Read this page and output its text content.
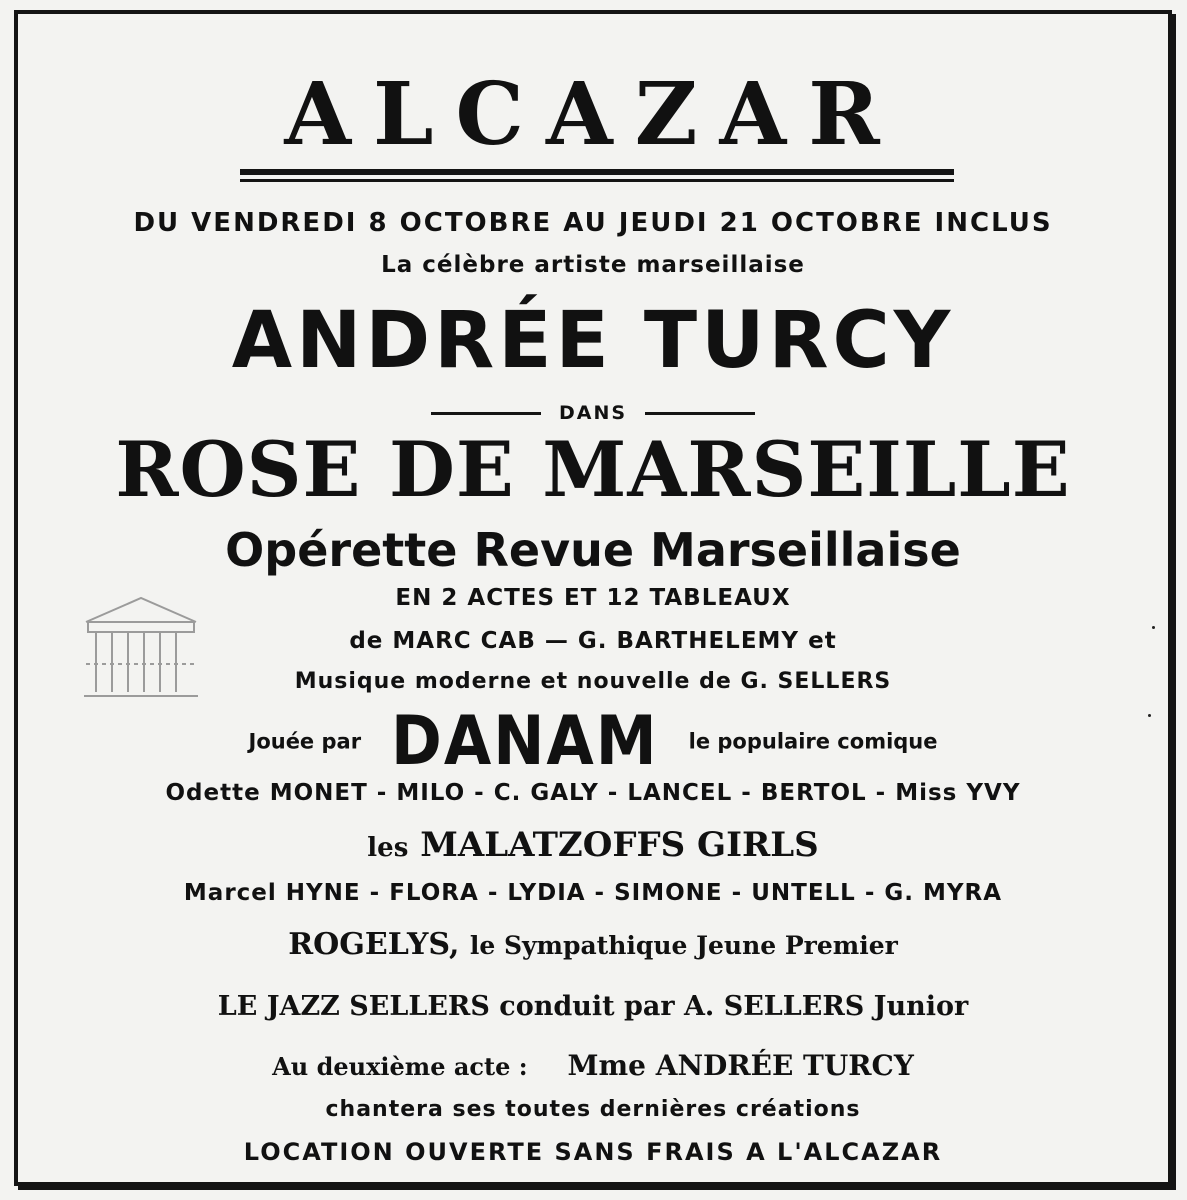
ALCAZAR
DU VENDREDI 8 OCTOBRE AU JEUDI 21 OCTOBRE INCLUS
La célèbre artiste marseillaise
ANDRÉE TURCY
DANS
ROSE DE MARSEILLE
Opérette Revue Marseillaise
EN 2 ACTES ET 12 TABLEAUX
de MARC CAB — G. BARTHELEMY et
Musique moderne et nouvelle de G. SELLERS
Jouée par DANAM le populaire comique
Odette MONET - MILO - C. GALY - LANCEL - BERTOL - Miss YVY
les MALATZOFFS GIRLS
Marcel HYNE - FLORA - LYDIA - SIMONE - UNTELL - G. MYRA
ROGELYS, le Sympathique Jeune Premier
LE JAZZ SELLERS conduit par A. SELLERS Junior
Au deuxième acte : Mme ANDRÉE TURCY
chantera ses toutes dernières créations
LOCATION OUVERTE SANS FRAIS A L'ALCAZAR
